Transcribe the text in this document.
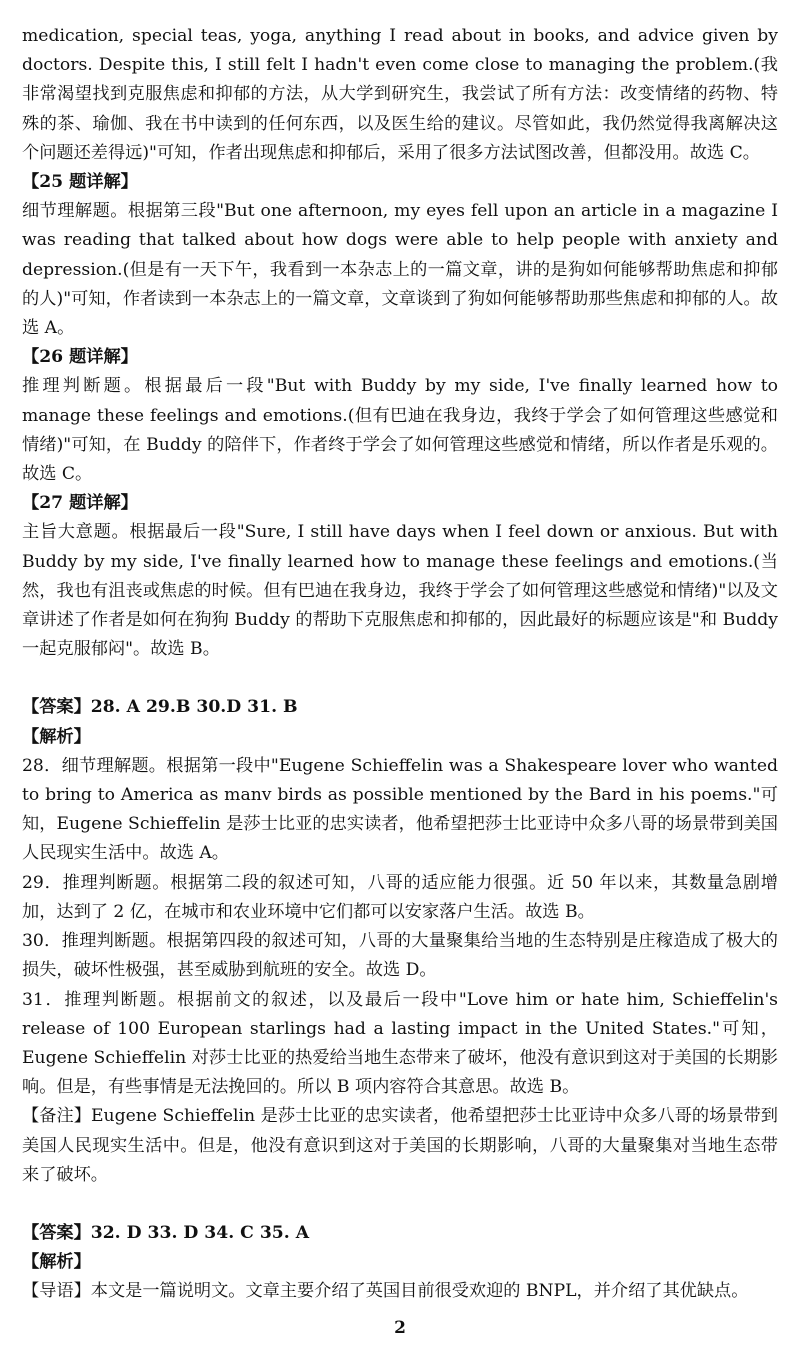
medication, special teas, yoga, anything I read about in books, and advice given by doctors. Despite this, I still felt I hadn't even come close to managing the problem.(我非常渴望找到克服焦虑和抑郁的方法，从大学到研究生，我尝试了所有方法：改变情绪的药物、特殊的茶、瑜伽、我在书中读到的任何东西，以及医生给的建议。尽管如此，我仍然觉得我离解决这个问题还差得远)"可知，作者出现焦虑和抑郁后，采用了很多方法试图改善，但都没用。故选 C。

【25 题详解】

细节理解题。根据第三段"But one afternoon, my eyes fell upon an article in a magazine I was reading that talked about how dogs were able to help people with anxiety and depression.(但是有一天下午，我看到一本杂志上的一篇文章，讲的是狗如何能够帮助焦虑和抑郁的人)"可知，作者读到一本杂志上的一篇文章，文章谈到了狗如何能够帮助那些焦虑和抑郁的人。故选 A。

【26 题详解】

推理判断题。根据最后一段"But with Buddy by my side, I've finally learned how to manage these feelings and emotions.(但有巴迪在我身边，我终于学会了如何管理这些感觉和情绪)"可知，在 Buddy 的陪伴下，作者终于学会了如何管理这些感觉和情绪，所以作者是乐观的。故选 C。

【27 题详解】

主旨大意题。根据最后一段"Sure, I still have days when I feel down or anxious. But with Buddy by my side, I've finally learned how to manage these feelings and emotions.(当然，我也有沮丧或焦虑的时候。但有巴迪在我身边，我终于学会了如何管理这些感觉和情绪)"以及文章讲述了作者是如何在狗狗 Buddy 的帮助下克服焦虑和抑郁的，因此最好的标题应该是"和 Buddy 一起克服郁闷"。故选 B。

【答案】28. A 29.B 30.D 31. B

【解析】

28．细节理解题。根据第一段中"Eugene Schieffelin was a Shakespeare lover who wanted to bring to America as manv birds as possible mentioned by the Bard in his poems."可知，Eugene Schieffelin 是莎士比亚的忠实读者，他希望把莎士比亚诗中众多八哥的场景带到美国人民现实生活中。故选 A。

29．推理判断题。根据第二段的叙述可知，八哥的适应能力很强。近 50 年以来，其数量急剧增加，达到了 2 亿，在城市和农业环境中它们都可以安家落户生活。故选 B。

30．推理判断题。根据第四段的叙述可知，八哥的大量聚集给当地的生态特别是庄稼造成了极大的损失，破坏性极强，甚至威胁到航班的安全。故选 D。

31．推理判断题。根据前文的叙述，以及最后一段中"Love him or hate him, Schieffelin's release of 100 European starlings had a lasting impact in the United States."可知，Eugene Schieffelin 对莎士比亚的热爱给当地生态带来了破坏，他没有意识到这对于美国的长期影响。但是，有些事情是无法挽回的。所以 B 项内容符合其意思。故选 B。

【备注】Eugene Schieffelin 是莎士比亚的忠实读者，他希望把莎士比亚诗中众多八哥的场景带到美国人民现实生活中。但是，他没有意识到这对于美国的长期影响，八哥的大量聚集对当地生态带来了破坏。

【答案】32. D 33. D 34. C 35. A

【解析】

【导语】本文是一篇说明文。文章主要介绍了英国目前很受欢迎的 BNPL，并介绍了其优缺点。

2
